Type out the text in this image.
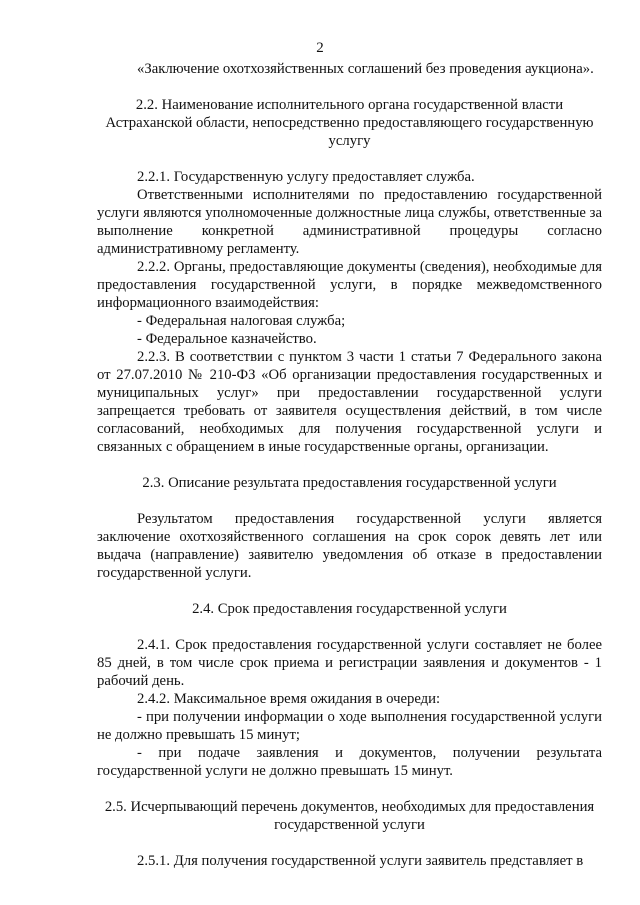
2

«Заключение охотхозяйственных соглашений без проведения аукциона».

2.2. Наименование исполнительного органа государственной власти Астраханской области, непосредственно предоставляющего государственную услугу

2.2.1. Государственную услугу предоставляет служба.

Ответственными исполнителями по предоставлению государственной услуги являются уполномоченные должностные лица службы, ответственные за выполнение конкретной административной процедуры согласно административному регламенту.

2.2.2. Органы, предоставляющие документы (сведения), необходимые для предоставления государственной услуги, в порядке межведомственного информационного взаимодействия:

- Федеральная налоговая служба;

- Федеральное казначейство.

2.2.3. В соответствии с пунктом 3 части 1 статьи 7 Федерального закона от 27.07.2010 № 210-ФЗ «Об организации предоставления государственных и муниципальных услуг» при предоставлении государственной услуги запрещается требовать от заявителя осуществления действий, в том числе согласований, необходимых для получения государственной услуги и связанных с обращением в иные государственные органы, организации.

2.3. Описание результата предоставления государственной услуги

Результатом предоставления государственной услуги является заключение охотхозяйственного соглашения на срок сорок девять лет или выдача (направление) заявителю уведомления об отказе в предоставлении государственной услуги.

2.4. Срок предоставления государственной услуги

2.4.1. Срок предоставления государственной услуги составляет не более 85 дней, в том числе срок приема и регистрации заявления и документов - 1 рабочий день.

2.4.2. Максимальное время ожидания в очереди:

- при получении информации о ходе выполнения государственной услуги не должно превышать 15 минут;

- при подаче заявления и документов, получении результата государственной услуги не должно превышать 15 минут.

2.5. Исчерпывающий перечень документов, необходимых для предоставления государственной услуги

2.5.1. Для получения государственной услуги заявитель представляет в
